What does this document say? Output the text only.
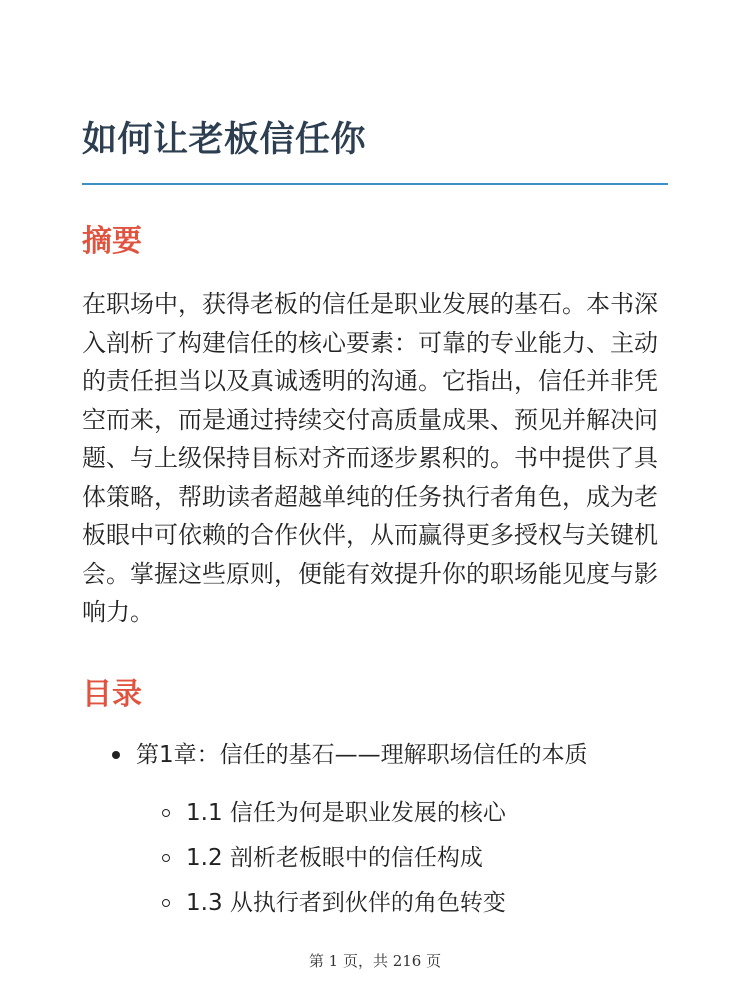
如何让老板信任你
摘要

在职场中，获得老板的信任是职业发展的基石。本书深入剖析了构建信任的核心要素：可靠的专业能力、主动的责任担当以及真诚透明的沟通。它指出，信任并非凭空而来，而是通过持续交付高质量成果、预见并解决问题、与上级保持目标对齐而逐步累积的。书中提供了具体策略，帮助读者超越单纯的任务执行者角色，成为老板眼中可依赖的合作伙伴，从而赢得更多授权与关键机会。掌握这些原则，便能有效提升你的职场能见度与影响力。

目录
第1章：信任的基石——理解职场信任的本质
1.1 信任为何是职业发展的核心
1.2 剖析老板眼中的信任构成
1.3 从执行者到伙伴的角色转变
第 1 页，共 216 页
